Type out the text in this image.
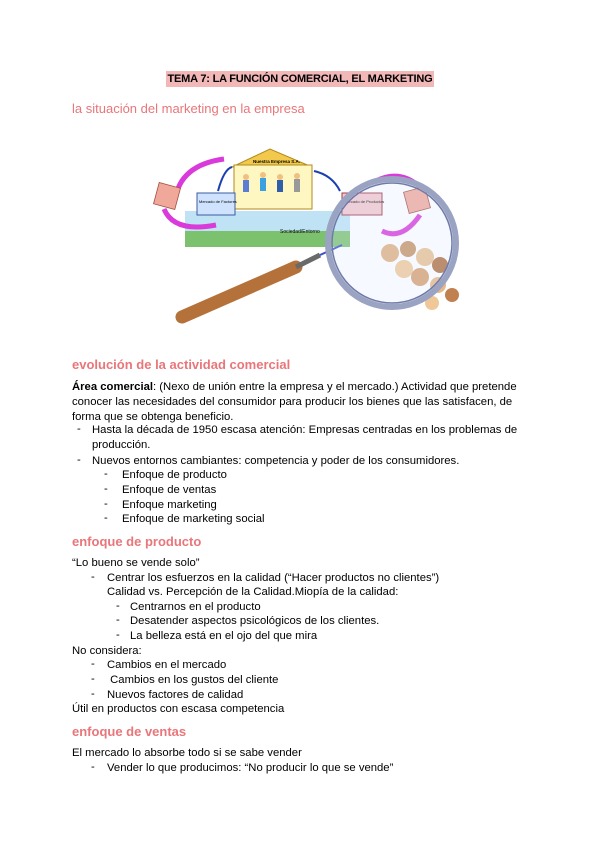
TEMA 7: LA FUNCIÓN COMERCIAL, EL MARKETING
la situación del marketing en la empresa
Sociedad/Entorno
Nuestra Empresa S.A.
Mercado de Factores
evolución de la actividad comercial
Área comercial: (Nexo de unión entre la empresa y el mercado.) Actividad que pretende
conocer las necesidades del consumidor para producir los bienes que las satisfacen, de
forma que se obtenga beneficio.
- Hasta la década de 1950 escasa atención: Empresas centradas en los problemas de
producción.
- Nuevos entornos cambiantes: competencia y poder de los consumidores.
- Enfoque de producto
- Enfoque de ventas
- Enfoque marketing
- Enfoque de marketing social
enfoque de producto
“Lo bueno se vende solo”
- Centrar los esfuerzos en la calidad (“Hacer productos no clientes”)
Calidad vs. Percepción de la Calidad.Miopía de la calidad:
- Centrarnos en el producto
- Desatender aspectos psicológicos de los clientes.
- La belleza está en el ojo del que mira
No considera:
- Cambios en el mercado
- Cambios en los gustos del cliente
- Nuevos factores de calidad
Útil en productos con escasa competencia
enfoque de ventas
El mercado lo absorbe todo si se sabe vender
- Vender lo que producimos: “No producir lo que se vende”
